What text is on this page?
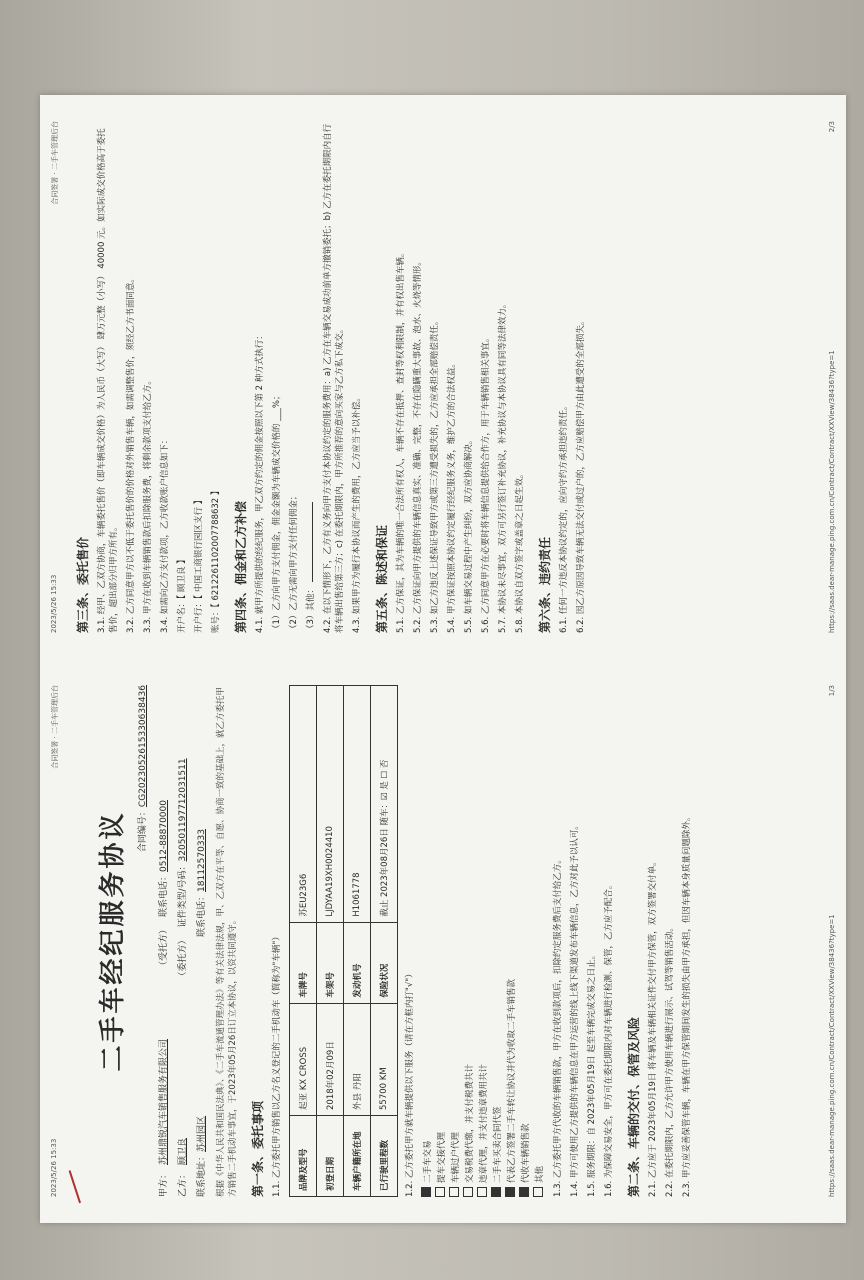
2023/5/26 15:33
合同签署 · 二手车管理后台
二手车经纪服务协议	合同编号：CG2023052615330638436
甲方：
苏州鼎锐汽车销售服务有限公司
（受托方）
联系电话：
0512-88870000
乙方：
顾卫良
（委托方）
证件类型/号码：
320501197712031511
联系地址：
苏州园区
联系电话：
18112570333 根据《中华人民共和国民法典》、《二手车流通管理办法》等有关法律法规，甲、乙双方在平等、自愿、协商一致的基础上，就乙方委托甲方销售二手机动车事宜，于2023年05月26日订立本协议，以资共同遵守。 第一条、委托事项 1.1. 乙方委托甲方销售以乙方名义登记的二手机动车（简称为"车辆"） 品牌及型号	起亚 KX CROSS	车牌号	苏EU23G6
初登日期	2018年02月09日	车架号	LJDYAA19XH0024410
车辆户籍所在地	外县 丹阳	发动机号	H1061778
已行驶里程数	55700 KM	保险状况	截止 2023年08月26日 随车：☑ 是 ☐ 否
1.2. 乙方委托甲方就车辆提供以下服务（请在方框内打"√"） 二手车交易 提车交接代理 车辆过户代理 交易税费代缴，并支付税费共计 违章代理，并支付违章费用共计 二手车买卖合同代签 代表乙方签署二手车转让协议并代为收取二手车销售款 代收车辆销售款 其他 1.3. 乙方委托甲方代收的车辆销售款，甲方在收到款项后，扣除约定服务费后支付给乙方。 1.4. 甲方可使用乙方提供的车辆信息在甲方运营的线上线下渠道发布车辆信息，乙方对此予以认可。 1.5. 服务期限：自 2023年05月19日 起至车辆完成交易之日止。 1.6. 为保障交易安全，甲方可在委托期限内对车辆进行检测、保管，乙方应予配合。 第二条、车辆的交付、保管及风险 2.1. 乙方应于 2023年05月19日 将车辆及车辆相关证件交付甲方保管，双方签署交付单。 2.2. 在委托期限内，乙方允许甲方使用车辆进行展示、试驾等销售活动。 2.3. 甲方应妥善保管车辆，车辆在甲方保管期间发生的损失由甲方承担，但因车辆本身质量问题除外。	https://saas.dear-manage.ping.com.cn/Contract/Contract/XXView/38436?type=1
1/3
2023/5/26 15:33
合同签署 · 二手车管理后台
第三条、委托售价 3.1. 经甲、乙双方协商，车辆委托售价（即车辆成交价格）为人民币（大写） 肆万元整（小写） 40000 元。如实际成交价格高于委托售价，超出部分归甲方所有。 3.2. 乙方同意甲方以不低于委托售价的价格对外销售车辆，如需调整售价，须经乙方书面同意。 3.3. 甲方在收到车辆销售款后扣除服务费，将剩余款项支付给乙方。 3.4. 如需向乙方支付款项，乙方收款账户信息如下： 开户名：【 顾卫良 】
开户行：【 中国工商银行园区支行 】
账号：【 6212261102007788632 】
第四条、佣金和乙方补偿 4.1. 就甲方所提供的经纪服务，甲乙双方约定的佣金按照以下第 2 种方式执行： （1）乙方向甲方支付佣金，佣金金额为车辆成交价格的 ___%； （2）乙方无需向甲方支付任何佣金； （3）其他： 4.2. 在以下情形下，乙方有义务向甲方支付本协议约定的服务费用：a) 乙方在车辆交易成功前单方撤销委托；b) 乙方在委托期限内自行将车辆出售给第三方；c) 在委托期限内，甲方所推荐的意向买家与乙方私下成交。 4.3. 如果甲方为履行本协议而产生的费用，乙方应当予以补偿。 第五条、陈述和保证 5.1. 乙方保证，其为车辆的唯一合法所有权人，车辆不存在抵押、查封等权利限制，并有权出售车辆。 5.2. 乙方保证向甲方提供的车辆信息真实、准确、完整，不存在隐瞒重大事故、泡水、火烧等情形。 5.3. 如乙方违反上述保证导致甲方或第三方遭受损失的，乙方应承担全部赔偿责任。 5.4. 甲方保证按照本协议约定履行经纪服务义务，维护乙方的合法权益。 5.5. 如车辆交易过程中产生纠纷，双方应协商解决。 5.6. 乙方同意甲方在必要时将车辆信息提供给合作方，用于车辆销售相关事宜。 5.7. 本协议未尽事宜，双方可另行签订补充协议，补充协议与本协议具有同等法律效力。 5.8. 本协议自双方签字或盖章之日起生效。 第六条、违约责任 6.1. 任何一方违反本协议约定的，应向守约方承担违约责任。 6.2. 因乙方原因导致车辆无法交付或过户的，乙方应赔偿甲方由此遭受的全部损失。	https://saas.dear-manage.ping.com.cn/Contract/Contract/XXView/38436?type=1
2/3
